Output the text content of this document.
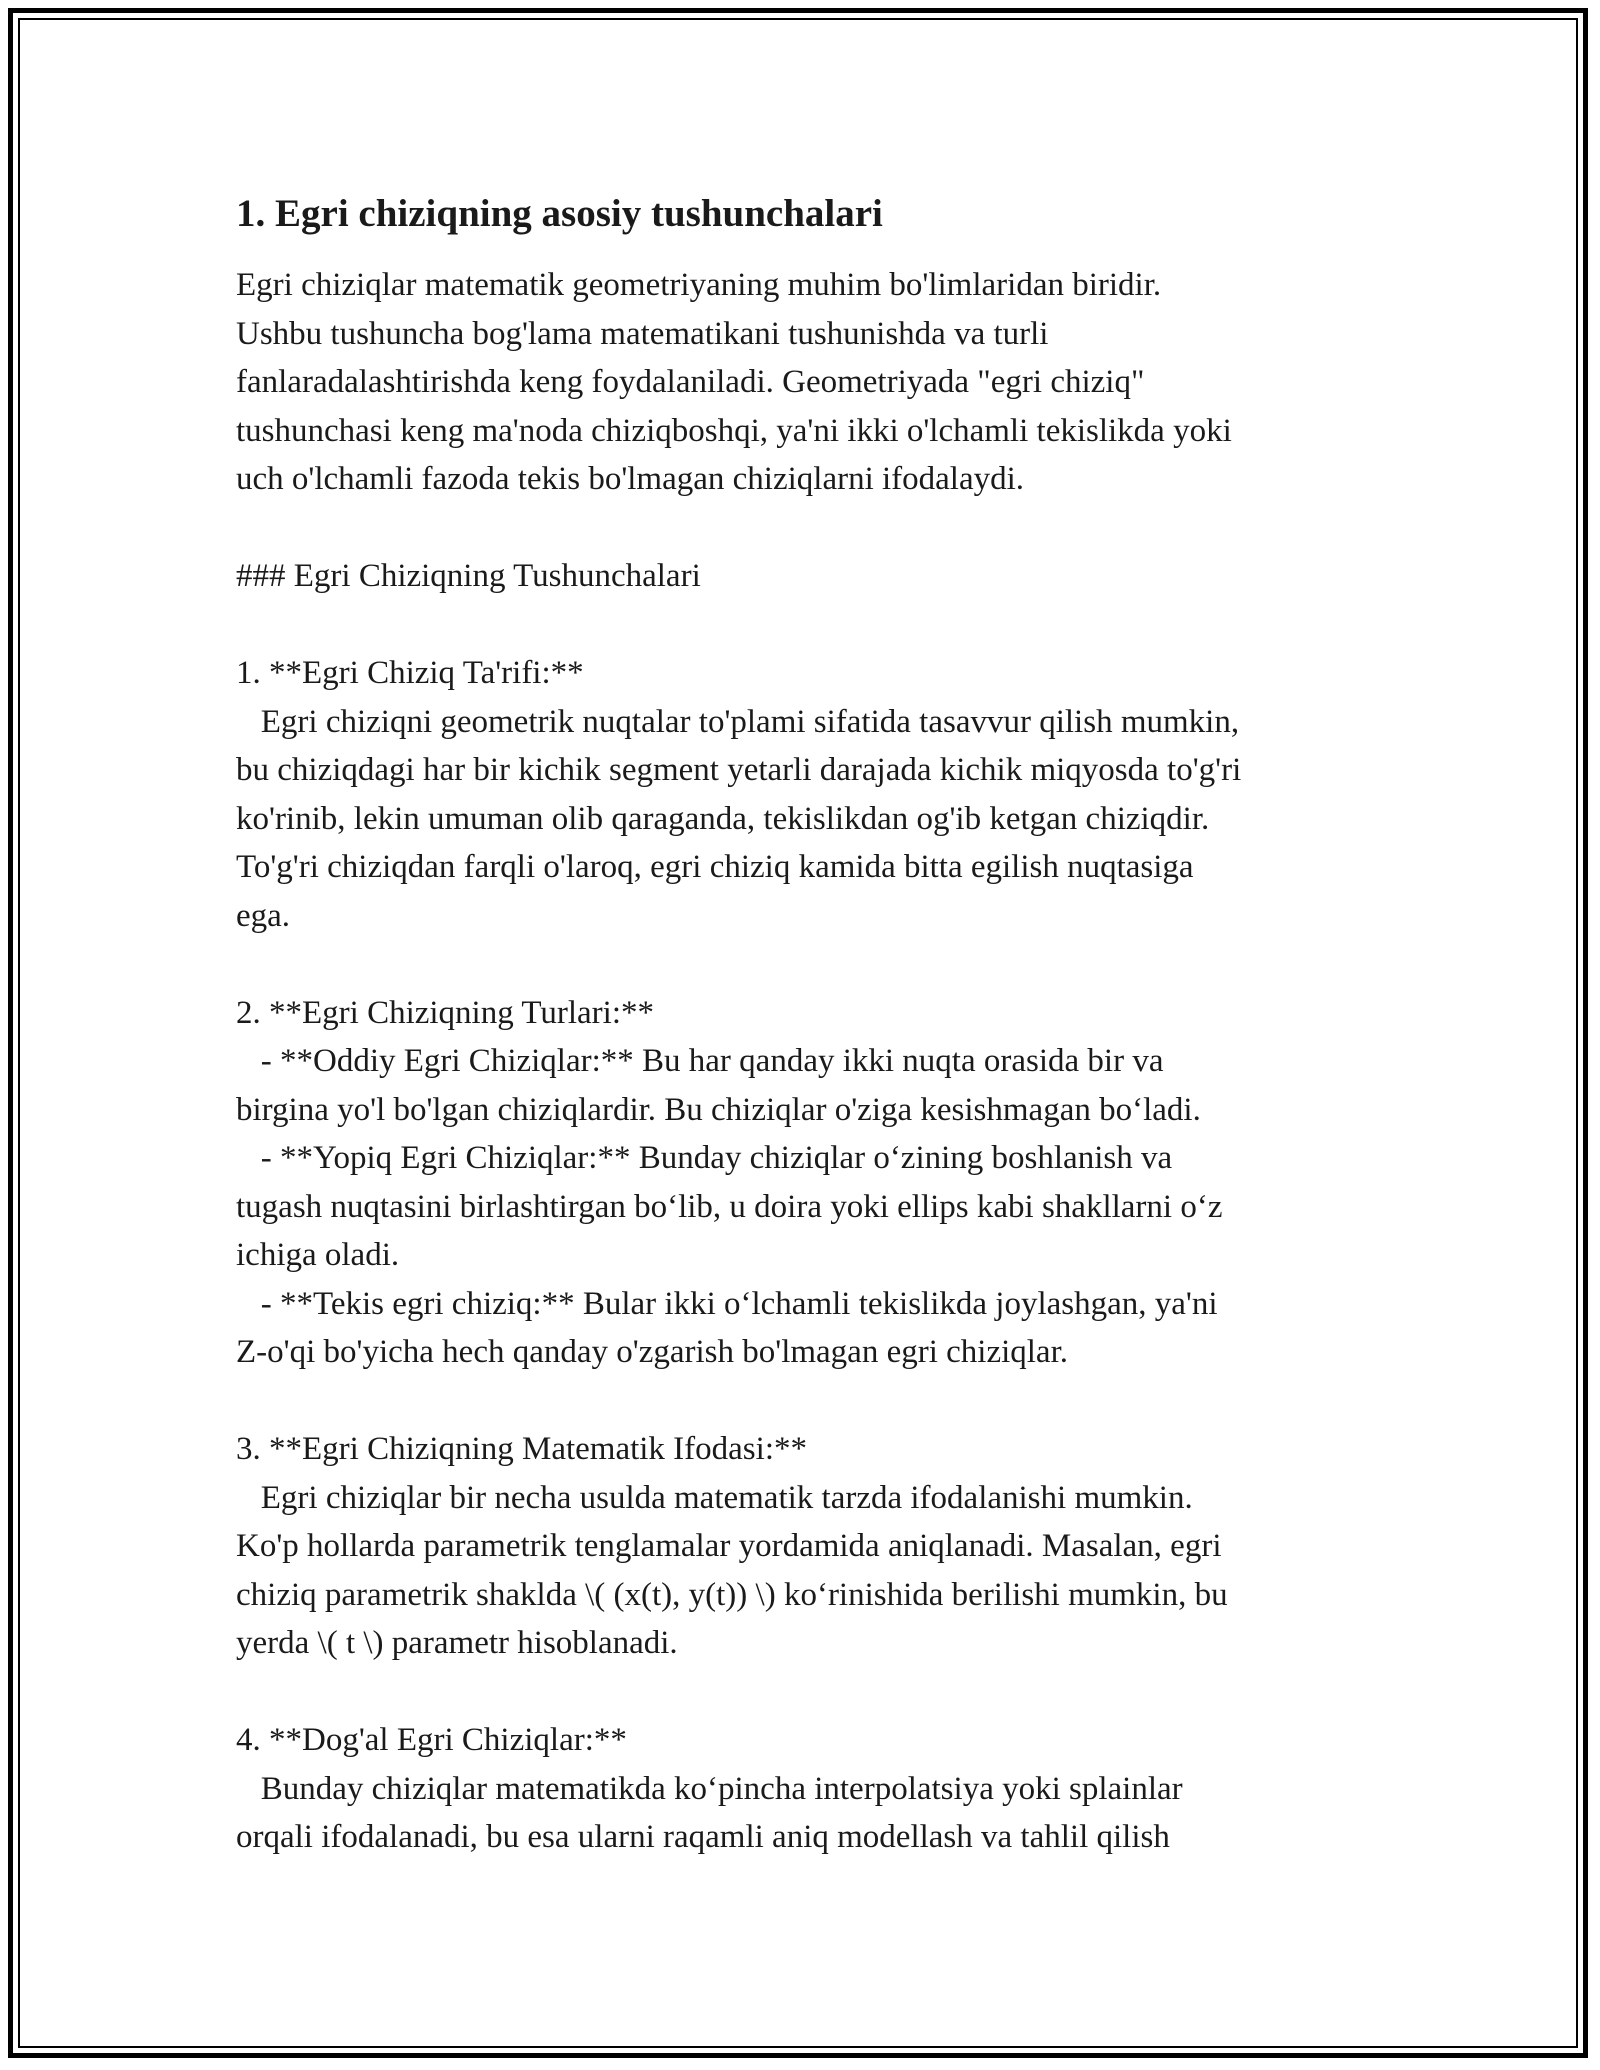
1. Egri chiziqning asosiy tushunchalari

Egri chiziqlar matematik geometriyaning muhim bo'limlaridan biridir.
Ushbu tushuncha bog'lama matematikani tushunishda va turli
fanlaradalashtirishda keng foydalaniladi. Geometriyada "egri chiziq"
tushunchasi keng ma'noda chiziqboshqi, ya'ni ikki o'lchamli tekislikda yoki
uch o'lchamli fazoda tekis bo'lmagan chiziqlarni ifodalaydi.

### Egri Chiziqning Tushunchalari

1. **Egri Chiziq Ta'rifi:**
Egri chiziqni geometrik nuqtalar to'plami sifatida tasavvur qilish mumkin,
bu chiziqdagi har bir kichik segment yetarli darajada kichik miqyosda to'g'ri
ko'rinib, lekin umuman olib qaraganda, tekislikdan og'ib ketgan chiziqdir.
To'g'ri chiziqdan farqli o'laroq, egri chiziq kamida bitta egilish nuqtasiga
ega.

2. **Egri Chiziqning Turlari:**
- **Oddiy Egri Chiziqlar:** Bu har qanday ikki nuqta orasida bir va
birgina yo'l bo'lgan chiziqlardir. Bu chiziqlar o'ziga kesishmagan bo‘ladi.
- **Yopiq Egri Chiziqlar:** Bunday chiziqlar o‘zining boshlanish va
tugash nuqtasini birlashtirgan bo‘lib, u doira yoki ellips kabi shakllarni o‘z
ichiga oladi.
- **Tekis egri chiziq:** Bular ikki o‘lchamli tekislikda joylashgan, ya'ni
Z-o'qi bo'yicha hech qanday o'zgarish bo'lmagan egri chiziqlar.

3. **Egri Chiziqning Matematik Ifodasi:**
Egri chiziqlar bir necha usulda matematik tarzda ifodalanishi mumkin.
Ko'p hollarda parametrik tenglamalar yordamida aniqlanadi. Masalan, egri
chiziq parametrik shaklda \( (x(t), y(t)) \) ko‘rinishida berilishi mumkin, bu
yerda \( t \) parametr hisoblanadi.

4. **Dog'al Egri Chiziqlar:**
Bunday chiziqlar matematikda ko‘pincha interpolatsiya yoki splainlar
orqali ifodalanadi, bu esa ularni raqamli aniq modellash va tahlil qilish
